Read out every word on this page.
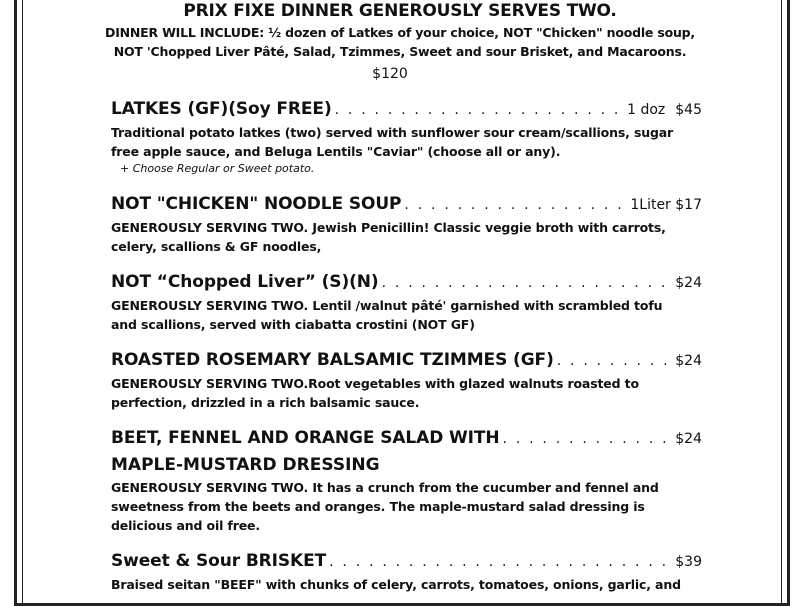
PRIX FIXE DINNER GENEROUSLY SERVES TWO.
DINNER WILL INCLUDE: ½ dozen of Latkes of your choice, NOT "Chicken" noodle soup,
NOT 'Chopped Liver Pâté, Salad, Tzimmes, Sweet and sour Brisket, and Macaroons.
$120
LATKES (GF)(Soy FREE) . . .	1 doz $45
Traditional potato latkes (two) served with sunflower sour cream/scallions, sugar
free apple sauce, and Beluga Lentils "Caviar" (choose all or any).
+ Choose Regular or Sweet potato.
NOT "CHICKEN" NOODLE SOUP . . .	1Liter $17
GENEROUSLY SERVING TWO. Jewish Penicillin! Classic veggie broth with carrots,
celery, scallions & GF noodles,
NOT “Chopped Liver” (S)(N) . . .	$24
GENEROUSLY SERVING TWO. Lentil /walnut pâté' garnished with scrambled tofu
and scallions, served with ciabatta crostini (NOT GF)
ROASTED ROSEMARY BALSAMIC TZIMMES (GF) . . .	$24
GENEROUSLY SERVING TWO.Root vegetables with glazed walnuts roasted to
perfection, drizzled in a rich balsamic sauce.
BEET, FENNEL AND ORANGE SALAD WITH . . .	$24
MAPLE-MUSTARD DRESSING
GENEROUSLY SERVING TWO. It has a crunch from the cucumber and fennel and
sweetness from the beets and oranges. The maple-mustard salad dressing is
delicious and oil free.
Sweet & Sour BRISKET . . .	$39
Braised seitan "BEEF" with chunks of celery, carrots, tomatoes, onions, garlic, and
